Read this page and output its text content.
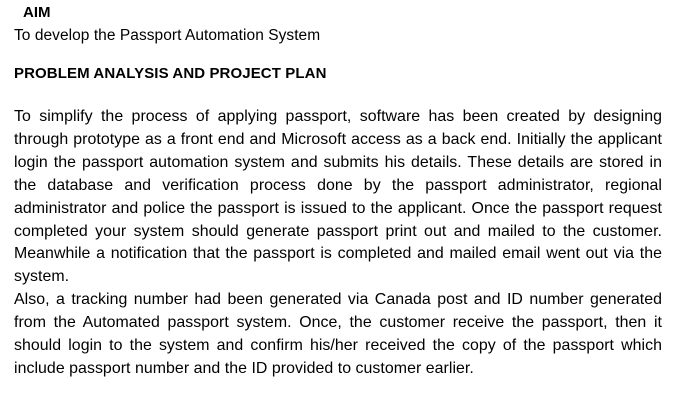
AIM

To develop the Passport Automation System

PROBLEM ANALYSIS AND PROJECT PLAN

To simplify the process of applying passport, software has been created by designing through prototype as a front end and Microsoft access as a back end. Initially the applicant login the passport automation system and submits his details. These details are stored in the database and verification process done by the passport administrator, regional administrator and police the passport is issued to the applicant. Once the passport request completed your system should generate passport print out and mailed to the customer. Meanwhile a notification that the passport is completed and mailed email went out via the system.

Also, a tracking number had been generated via Canada post and ID number generated from the Automated passport system. Once, the customer receive the passport, then it should login to the system and confirm his/her received the copy of the passport which include passport number and the ID provided to customer earlier.
